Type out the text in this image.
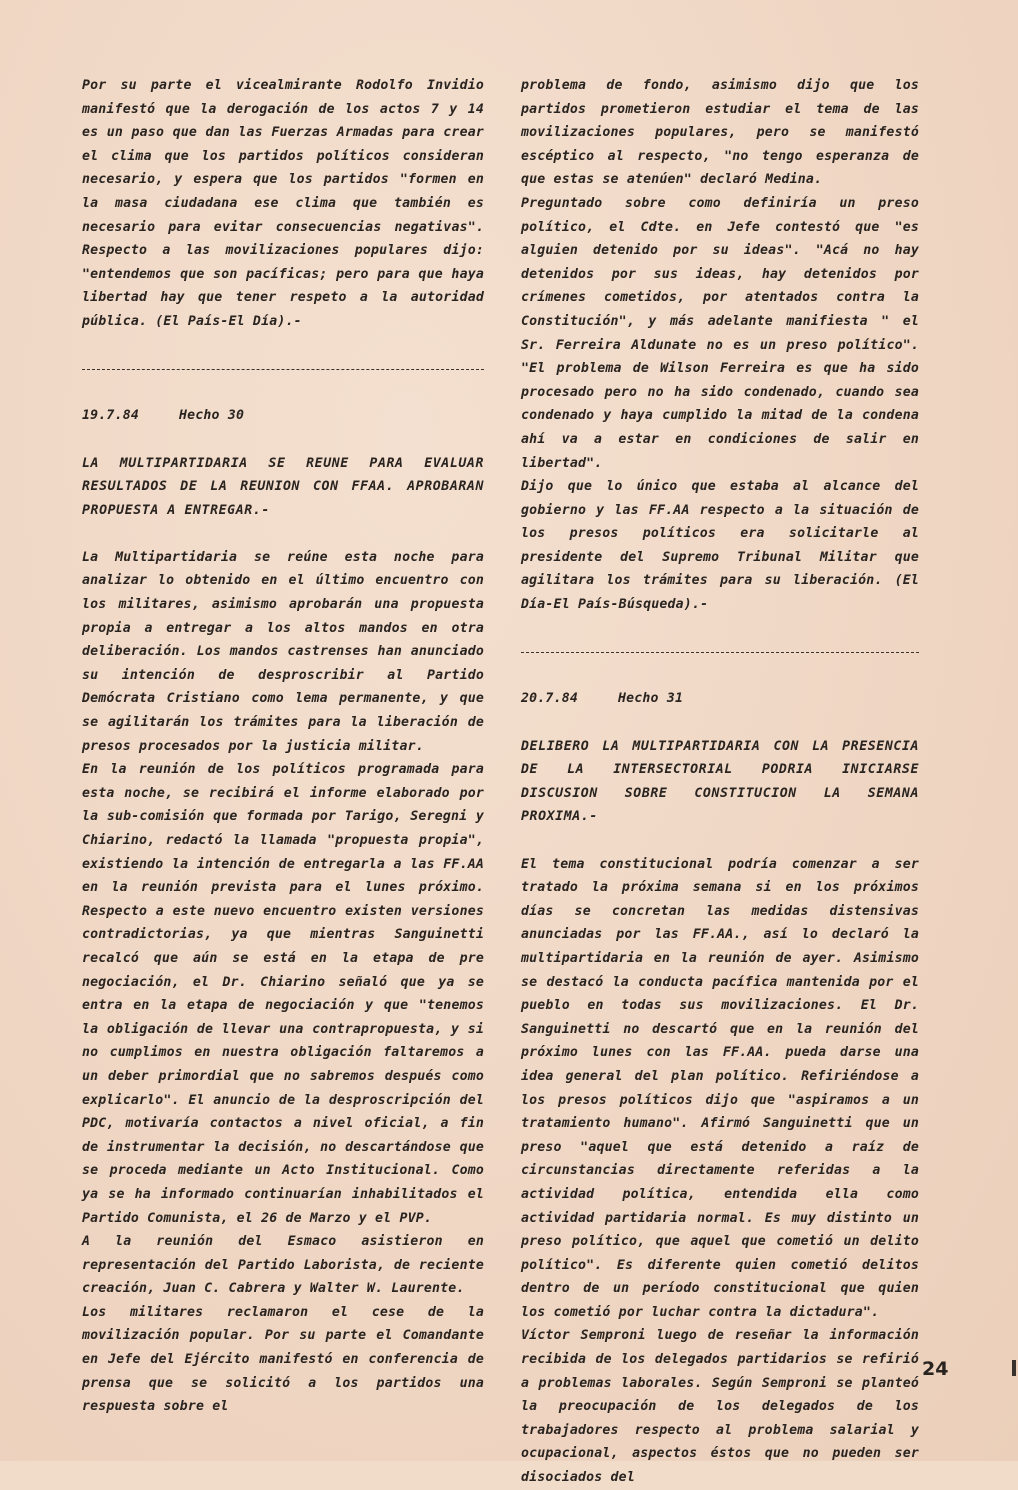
Por su parte el vicealmirante Rodolfo Invidio manifestó que la derogación de los actos 7 y 14 es un paso que dan las Fuerzas Armadas para crear el clima que los partidos políticos consideran necesario, y espera que los partidos "formen en la masa ciudadana ese clima que también es necesario para evitar consecuencias negativas". Respecto a las movilizaciones populares dijo: "entendemos que son pacíficas; pero para que haya libertad hay que tener respeto a la autoridad pública. (El País-El Día).-

19.7.84	Hecho 30

LA MULTIPARTIDARIA SE REUNE PARA EVALUAR RESULTADOS DE LA REUNION CON FFAA. APROBARAN PROPUESTA A ENTREGAR.-

La Multipartidaria se reúne esta noche para analizar lo obtenido en el último encuentro con los militares, asimismo aprobarán una propuesta propia a entregar a los altos mandos en otra deliberación. Los mandos castrenses han anunciado su intención de desproscribir al Partido Demócrata Cristiano como lema permanente, y que se agilitarán los trámites para la liberación de presos procesados por la justicia militar.

En la reunión de los políticos programada para esta noche, se recibirá el informe elaborado por la sub-comisión que formada por Tarigo, Seregni y Chiarino, redactó la llamada "propuesta propia", existiendo la intención de entregarla a las FF.AA en la reunión prevista para el lunes próximo. Respecto a este nuevo encuentro existen versiones contradictorias, ya que mientras Sanguinetti recalcó que aún se está en la etapa de pre negociación, el Dr. Chiarino señaló que ya se entra en la etapa de negociación y que "tenemos la obligación de llevar una contrapropuesta, y si no cumplimos en nuestra obligación faltaremos a un deber primordial que no sabremos después como explicarlo". El anuncio de la desproscripción del PDC, motivaría contactos a nivel oficial, a fin de instrumentar la decisión, no descartándose que se proceda mediante un Acto Institucional. Como ya se ha informado continuarían inhabilitados el Partido Comunista, el 26 de Marzo y el PVP.

A la reunión del Esmaco asistieron en representación del Partido Laborista, de reciente creación, Juan C. Cabrera y Walter W. Laurente.

Los militares reclamaron el cese de la movilización popular. Por su parte el Comandante en Jefe del Ejército manifestó en conferencia de prensa que se solicitó a los partidos una respuesta sobre el

problema de fondo, asimismo dijo que los partidos prometieron estudiar el tema de las movilizaciones populares, pero se manifestó escéptico al respecto, "no tengo esperanza de que estas se atenúen" declaró Medina.

Preguntado sobre como definiría un preso político, el Cdte. en Jefe contestó que "es alguien detenido por su ideas". "Acá no hay detenidos por sus ideas, hay detenidos por crímenes cometidos, por atentados contra la Constitución", y más adelante manifiesta " el Sr. Ferreira Aldunate no es un preso político". "El problema de Wilson Ferreira es que ha sido procesado pero no ha sido condenado, cuando sea condenado y haya cumplido la mitad de la condena ahí va a estar en condiciones de salir en libertad".

Dijo que lo único que estaba al alcance del gobierno y las FF.AA respecto a la situación de los presos políticos era solicitarle al presidente del Supremo Tribunal Militar que agilitara los trámites para su liberación. (El Día-El País-Búsqueda).-

20.7.84	Hecho 31

DELIBERO LA MULTIPARTIDARIA CON LA PRESENCIA DE LA INTERSECTORIAL PODRIA INICIARSE DISCUSION SOBRE CONSTITUCION LA SEMANA PROXIMA.-

El tema constitucional podría comenzar a ser tratado la próxima semana si en los próximos días se concretan las medidas distensivas anunciadas por las FF.AA., así lo declaró la multipartidaria en la reunión de ayer. Asimismo se destacó la conducta pacífica mantenida por el pueblo en todas sus movilizaciones. El Dr. Sanguinetti no descartó que en la reunión del próximo lunes con las FF.AA. pueda darse una idea general del plan político. Refiriéndose a los presos políticos dijo que "aspiramos a un tratamiento humano". Afirmó Sanguinetti que un preso "aquel que está detenido a raíz de circunstancias directamente referidas a la actividad política, entendida ella como actividad partidaria normal. Es muy distinto un preso político, que aquel que cometió un delito político". Es diferente quien cometió delitos dentro de un período constitucional que quien los cometió por luchar contra la dictadura".

Víctor Semproni luego de reseñar la información recibida de los delegados partidarios se refirió a problemas laborales. Según Semproni se planteó la preocupación de los delegados de los trabajadores respecto al problema salarial y ocupacional, aspectos éstos que no pueden ser disociados del

24
